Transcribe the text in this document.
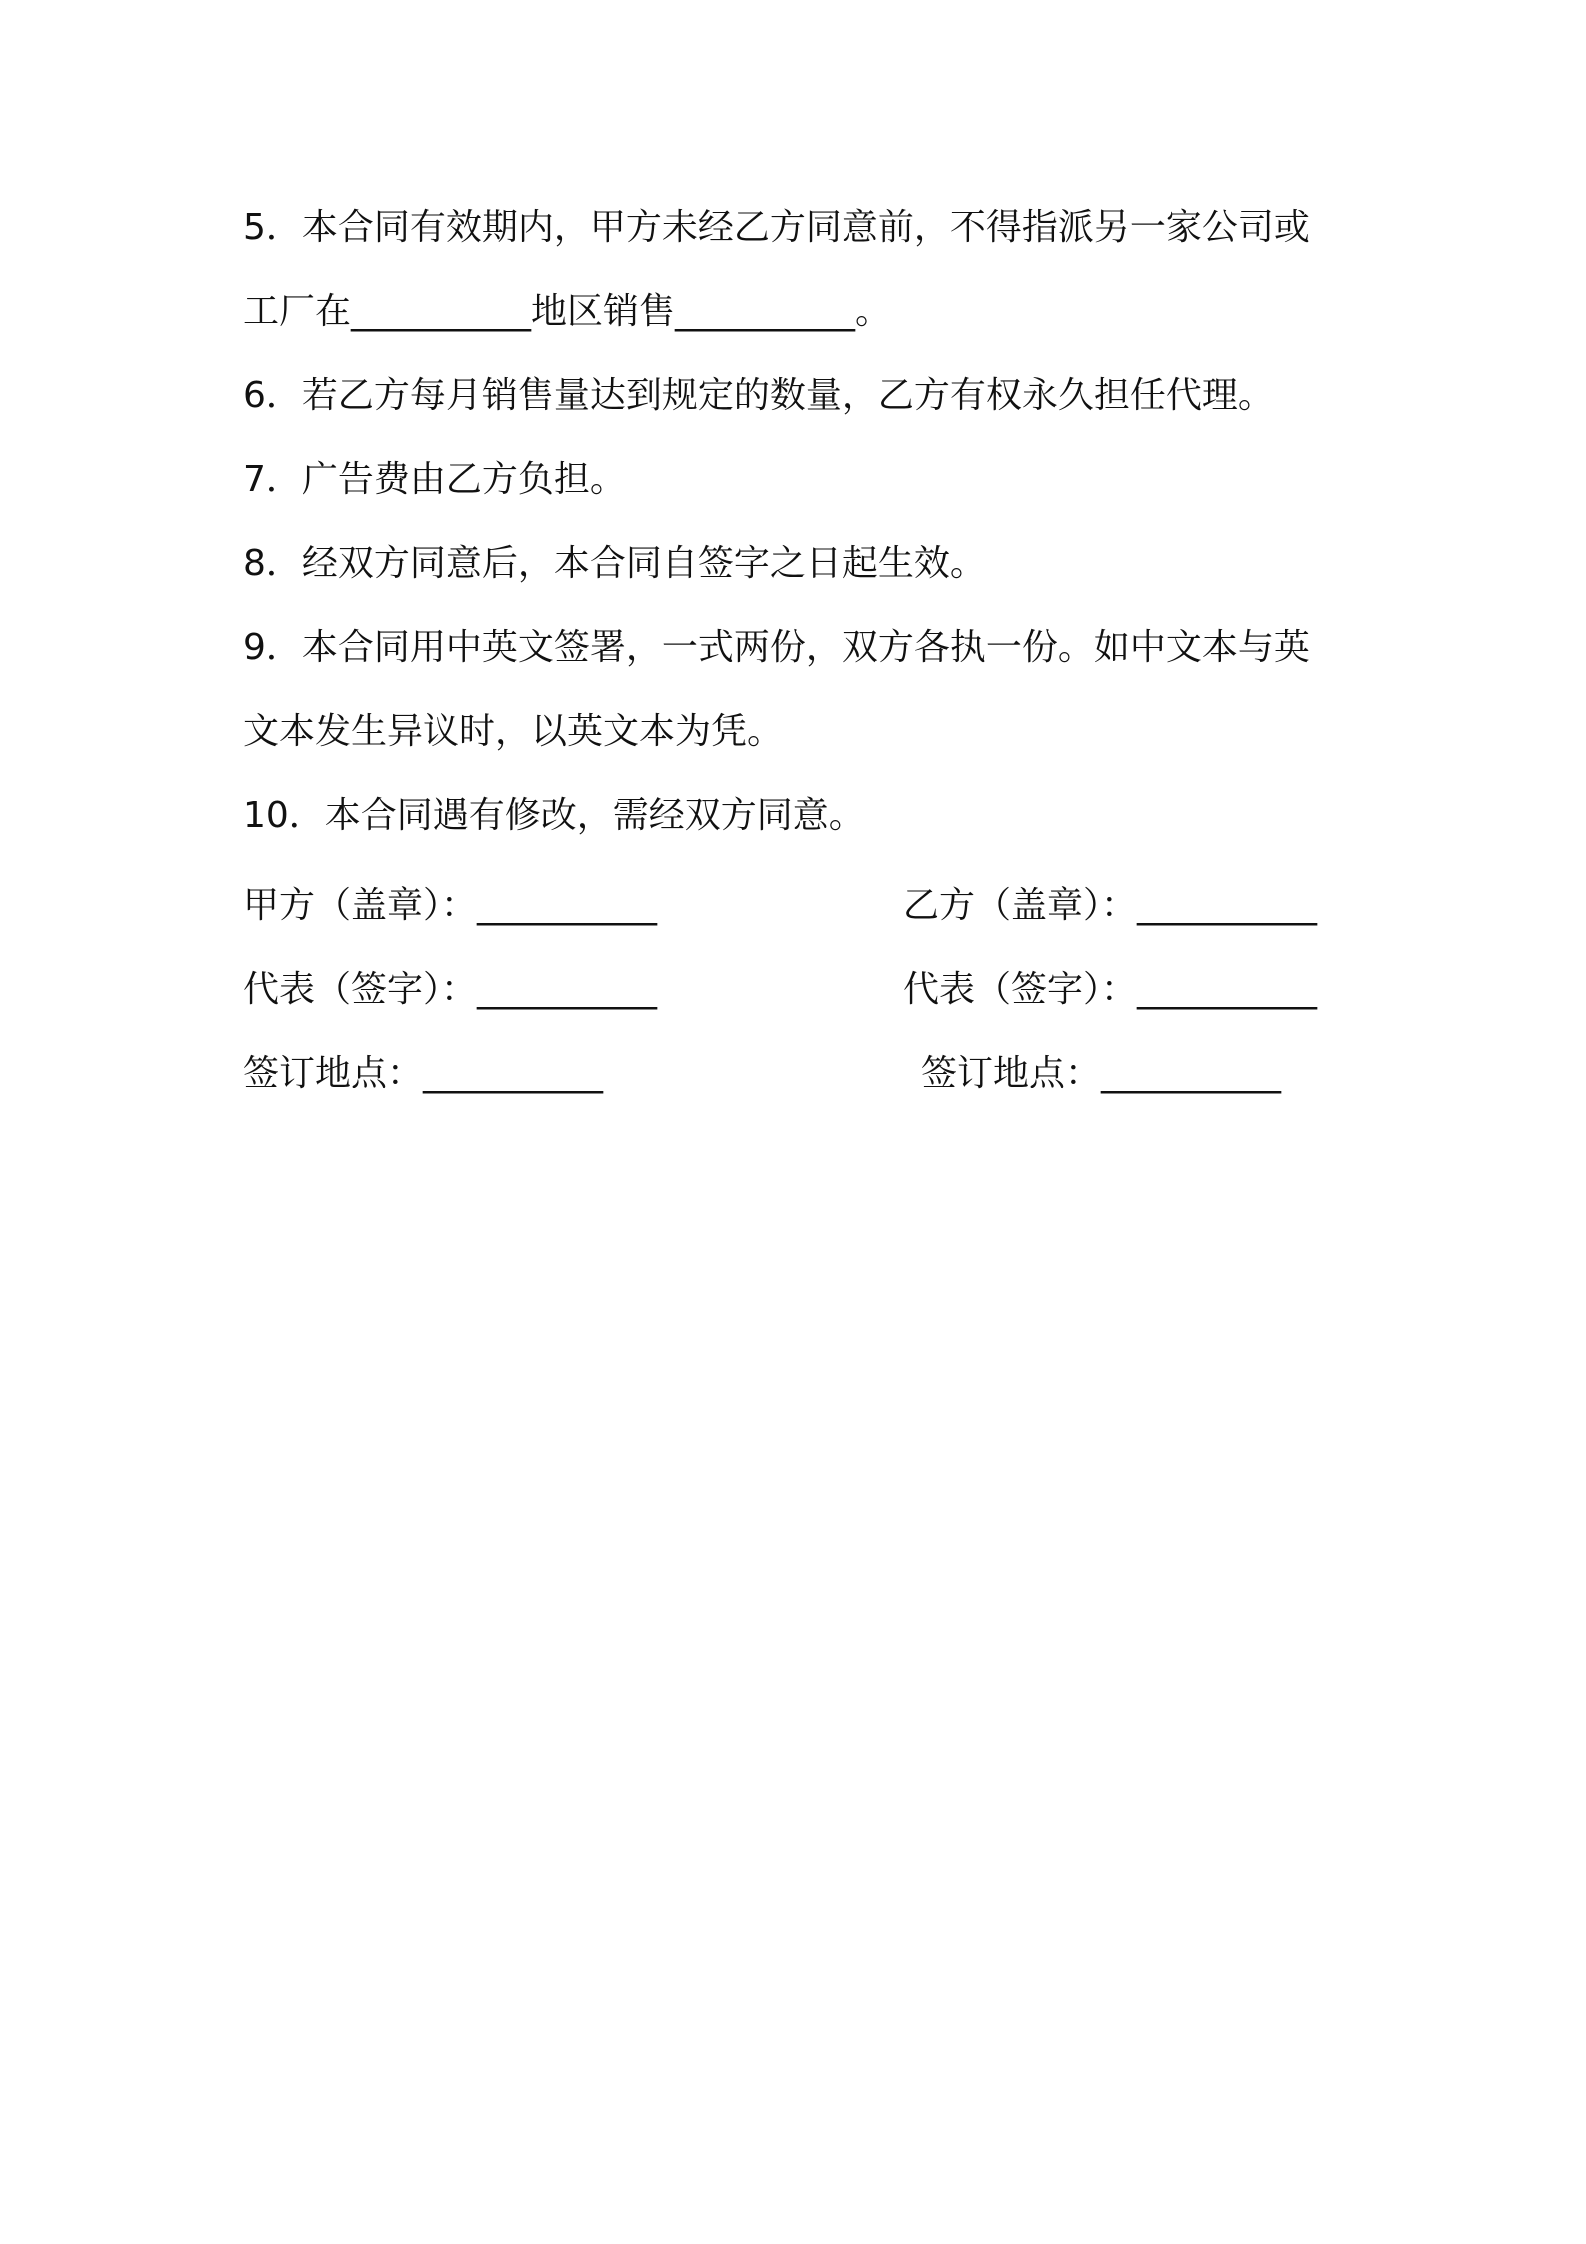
5．本合同有效期内，甲方未经乙方同意前，不得指派另一家公司或
工厂在__________地区销售__________。
6．若乙方每月销售量达到规定的数量，乙方有权永久担任代理。
7．广告费由乙方负担。
8．经双方同意后，本合同自签字之日起生效。
9．本合同用中英文签署，一式两份，双方各执一份。如中文本与英
文本发生异议时，以英文本为凭。
10．本合同遇有修改，需经双方同意。
甲方（盖章）：__________	乙方（盖章）：__________
代表（签字）：__________	代表（签字）：__________
签订地点：__________	签订地点：__________
